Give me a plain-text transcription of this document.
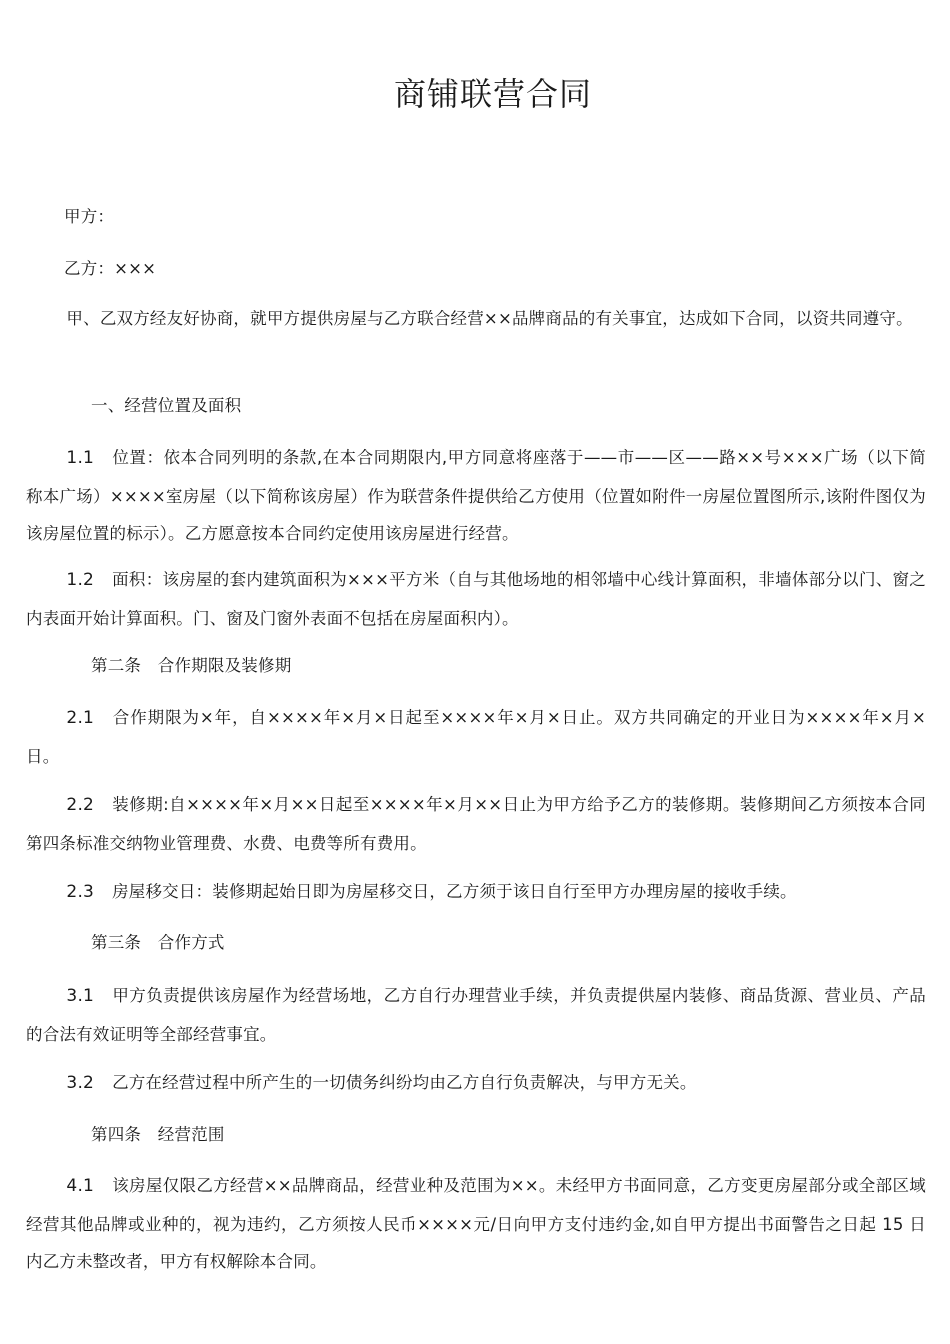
商铺联营合同

甲方：

乙方：×××

甲、乙双方经友好协商，就甲方提供房屋与乙方联合经营××品牌商品的有关事宜，达成如下合同，以资共同遵守。

一、经营位置及面积

1.1 位置：依本合同列明的条款,在本合同期限内,甲方同意将座落于——市——区——路××号×××广场（以下简称本广场）××××室房屋（以下简称该房屋）作为联营条件提供给乙方使用（位置如附件一房屋位置图所示,该附件图仅为该房屋位置的标示）。乙方愿意按本合同约定使用该房屋进行经营。

1.2 面积：该房屋的套内建筑面积为×××平方米（自与其他场地的相邻墙中心线计算面积，非墙体部分以门、窗之内表面开始计算面积。门、窗及门窗外表面不包括在房屋面积内）。

第二条　合作期限及装修期

2.1 合作期限为×年，自××××年×月×日起至××××年×月×日止。双方共同确定的开业日为××××年×月×日。

2.2 装修期:自××××年×月××日起至××××年×月××日止为甲方给予乙方的装修期。装修期间乙方须按本合同第四条标准交纳物业管理费、水费、电费等所有费用。

2.3 房屋移交日：装修期起始日即为房屋移交日，乙方须于该日自行至甲方办理房屋的接收手续。

第三条　合作方式

3.1 甲方负责提供该房屋作为经营场地，乙方自行办理营业手续，并负责提供屋内装修、商品货源、营业员、产品的合法有效证明等全部经营事宜。

3.2 乙方在经营过程中所产生的一切债务纠纷均由乙方自行负责解决，与甲方无关。

第四条　经营范围

4.1 该房屋仅限乙方经营××品牌商品，经营业种及范围为××。未经甲方书面同意，乙方变更房屋部分或全部区域经营其他品牌或业种的，视为违约，乙方须按人民币××××元/日向甲方支付违约金,如自甲方提出书面警告之日起 15 日内乙方未整改者，甲方有权解除本合同。
